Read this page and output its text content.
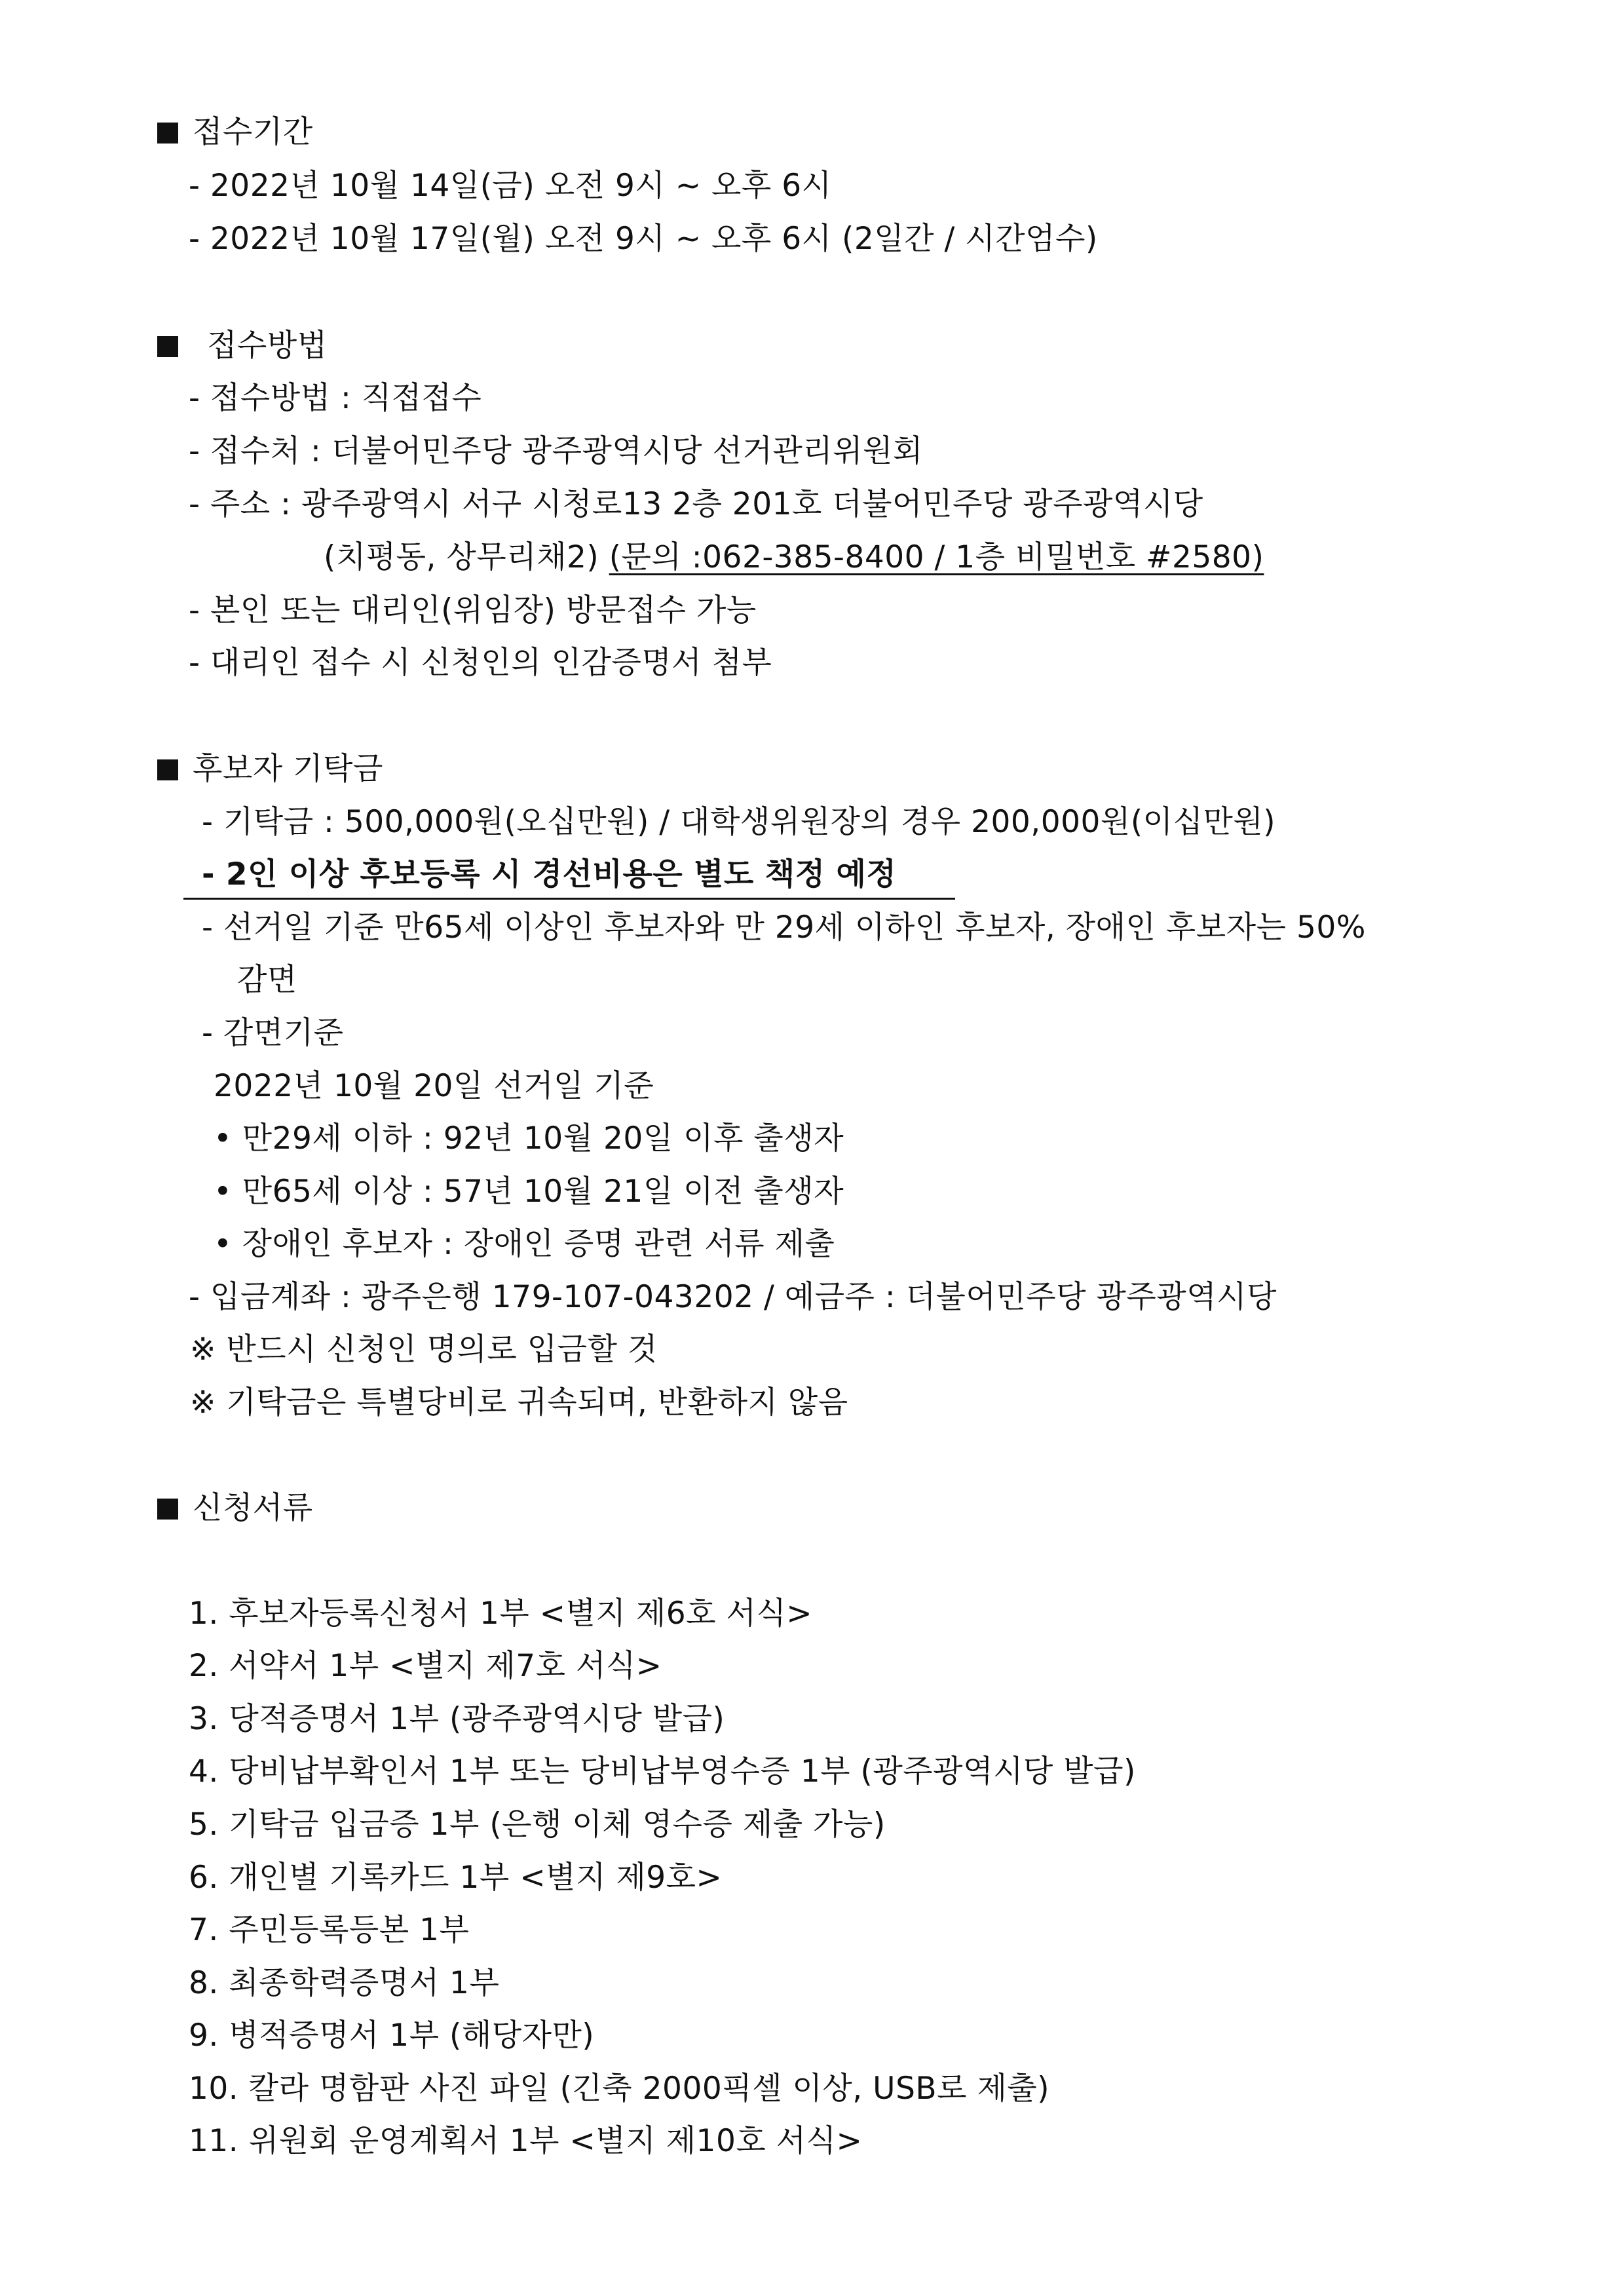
접수기간
- 2022년 10월 14일(금) 오전 9시 ~ 오후 6시
- 2022년 10월 17일(월) 오전 9시 ~ 오후 6시 (2일간 / 시간엄수)
접수방법
- 접수방법 : 직접접수
- 접수처 : 더불어민주당 광주광역시당 선거관리위원회
- 주소 : 광주광역시 서구 시청로13 2층 201호 더불어민주당 광주광역시당
(치평동, 상무리채2) (문의 :062-385-8400 / 1층 비밀번호 #2580)
- 본인 또는 대리인(위임장) 방문접수 가능
- 대리인 접수 시 신청인의 인감증명서 첨부
후보자 기탁금
- 기탁금 : 500,000원(오십만원) / 대학생위원장의 경우 200,000원(이십만원)
- 2인 이상 후보등록 시 경선비용은 별도 책정 예정
- 선거일 기준 만65세 이상인 후보자와 만 29세 이하인 후보자, 장애인 후보자는 50%
감면
- 감면기준
2022년 10월 20일 선거일 기준
• 만29세 이하 : 92년 10월 20일 이후 출생자
• 만65세 이상 : 57년 10월 21일 이전 출생자
• 장애인 후보자 : 장애인 증명 관련 서류 제출
- 입금계좌 : 광주은행 179-107-043202 / 예금주 : 더불어민주당 광주광역시당
※ 반드시 신청인 명의로 입금할 것
※ 기탁금은 특별당비로 귀속되며, 반환하지 않음
신청서류
1. 후보자등록신청서 1부 <별지 제6호 서식>
2. 서약서 1부 <별지 제7호 서식>
3. 당적증명서 1부 (광주광역시당 발급)
4. 당비납부확인서 1부 또는 당비납부영수증 1부 (광주광역시당 발급)
5. 기탁금 입금증 1부 (은행 이체 영수증 제출 가능)
6. 개인별 기록카드 1부 <별지 제9호>
7. 주민등록등본 1부
8. 최종학력증명서 1부
9. 병적증명서 1부 (해당자만)
10. 칼라 명함판 사진 파일 (긴축 2000픽셀 이상, USB로 제출)
11. 위원회 운영계획서 1부 <별지 제10호 서식>
